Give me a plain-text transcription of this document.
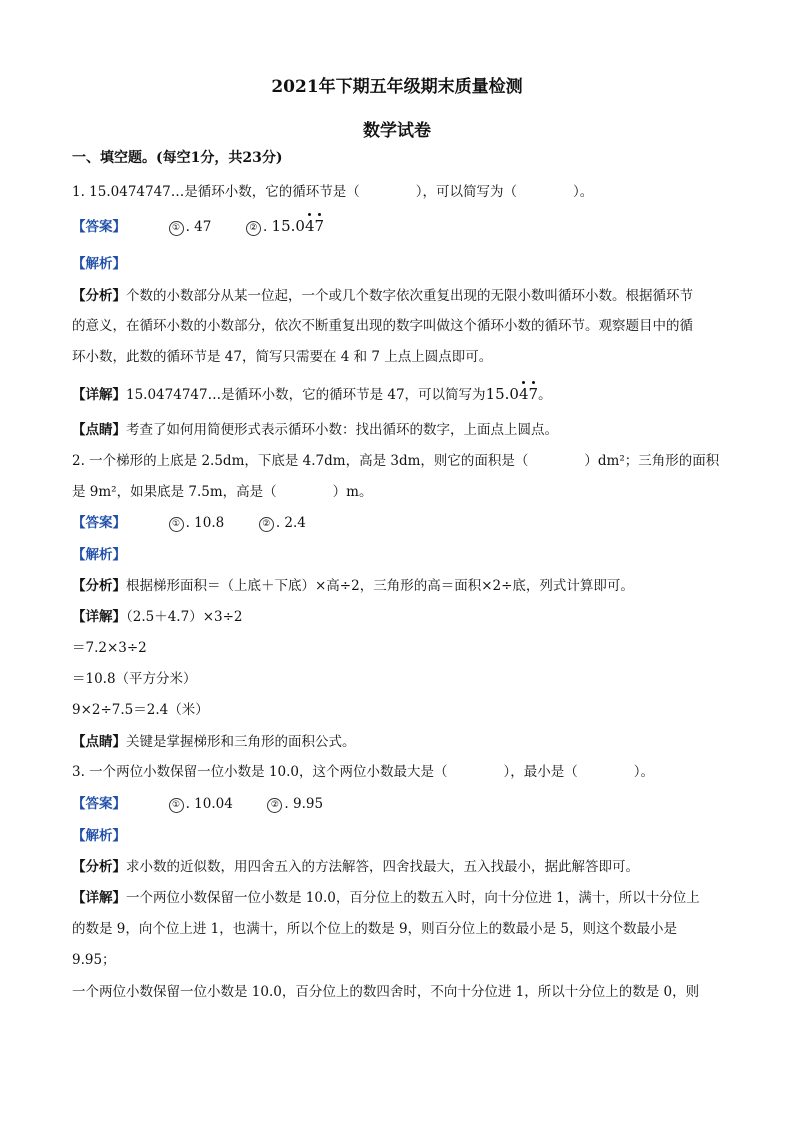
2021年下期五年级期末质量检测
数学试卷
一、填空题。(每空1分，共23分)
1. 15.0474747…是循环小数，它的循环节是（	），可以简写为（	）。
【答案】	① . 47	② . 15.047
【解析】
【分析】个数的小数部分从某一位起，一个或几个数字依次重复出现的无限小数叫循环小数。根据循环节
的意义，在循环小数的小数部分，依次不断重复出现的数字叫做这个循环小数的循环节。观察题目中的循
环小数，此数的循环节是 47，简写只需要在 4 和 7 上点上圆点即可。
【详解】15.0474747…是循环小数，它的循环节是 47，可以简写为15.047。
【点睛】考查了如何用简便形式表示循环小数：找出循环的数字，上面点上圆点。
2. 一个梯形的上底是 2.5dm，下底是 4.7dm，高是 3dm，则它的面积是（	）dm²；三角形的面积
是 9m²，如果底是 7.5m，高是（	）m。
【答案】	① . 10.8	② . 2.4
【解析】
【分析】根据梯形面积＝（上底＋下底）×高÷2，三角形的高＝面积×2÷底，列式计算即可。
【详解】（2.5＋4.7）×3÷2
＝7.2×3÷2
＝10.8（平方分米）
9×2÷7.5＝2.4（米）
【点睛】关键是掌握梯形和三角形的面积公式。
3. 一个两位小数保留一位小数是 10.0，这个两位小数最大是（	），最小是（	）。
【答案】	① . 10.04	② . 9.95
【解析】
【分析】求小数的近似数，用四舍五入的方法解答，四舍找最大，五入找最小，据此解答即可。
【详解】一个两位小数保留一位小数是 10.0，百分位上的数五入时，向十分位进 1，满十，所以十分位上
的数是 9，向个位上进 1，也满十，所以个位上的数是 9，则百分位上的数最小是 5，则这个数最小是
9.95；
一个两位小数保留一位小数是 10.0，百分位上的数四舍时，不向十分位进 1，所以十分位上的数是 0，则
